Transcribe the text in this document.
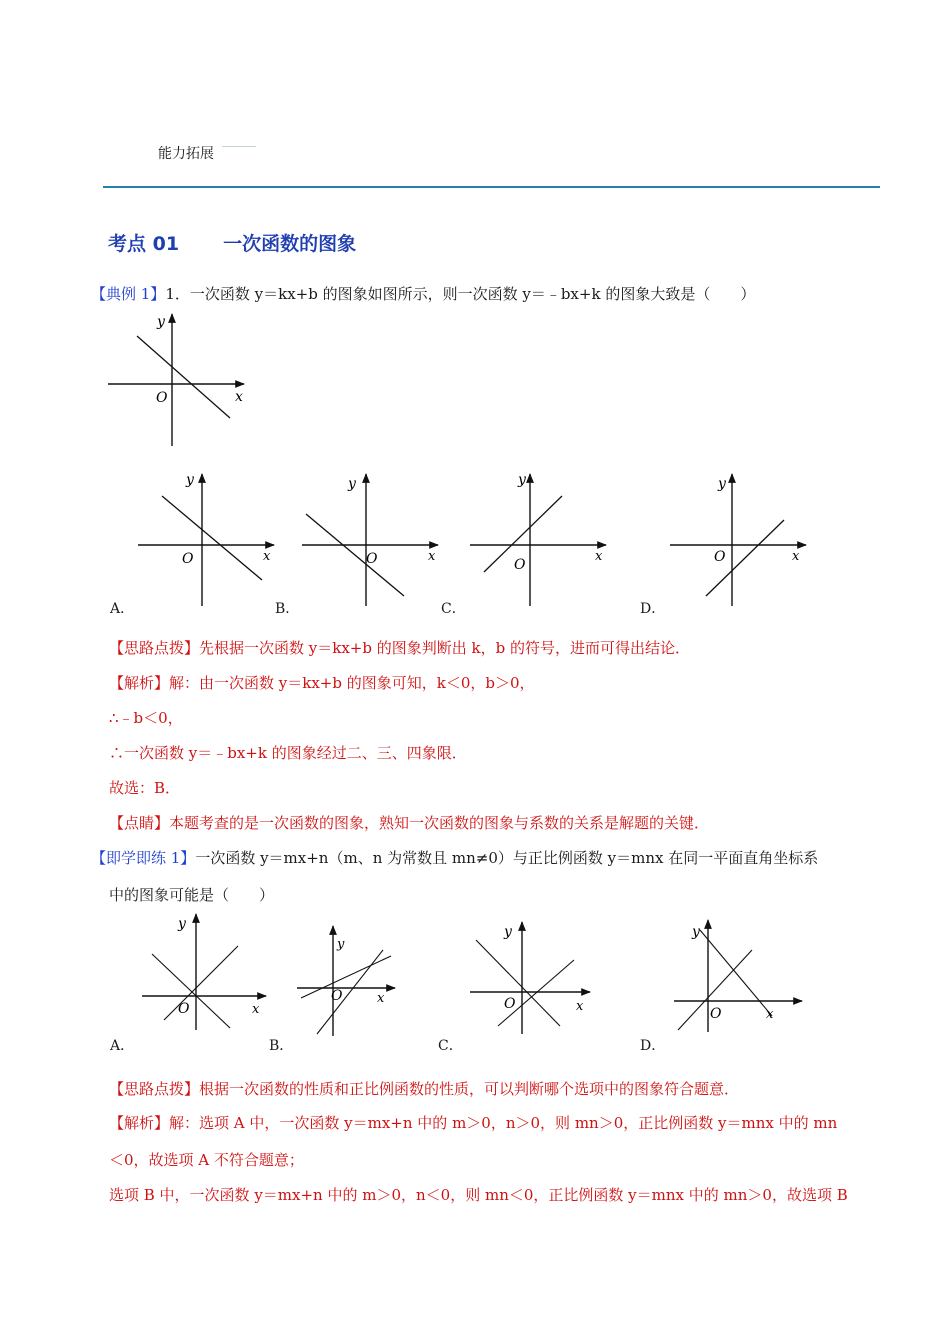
能力拓展
考点 01 一次函数的图象
【典例 1】1．一次函数 y＝kx+b 的图象如图所示，则一次函数 y＝﹣bx+k 的图象大致是（　　）
y
x
O
y
x
O
y
x
O
y
x
O
y
x
O
A．	B．	C．	D．
【思路点拨】先根据一次函数 y＝kx+b 的图象判断出 k，b 的符号，进而可得出结论．
【解析】解：由一次函数 y＝kx+b 的图象可知，k＜0，b＞0，
∴﹣b＜0，
∴一次函数 y＝﹣bx+k 的图象经过二、三、四象限．
故选：B．
【点睛】本题考查的是一次函数的图象，熟知一次函数的图象与系数的关系是解题的关键．
【即学即练 1】一次函数 y＝mx+n（m、n 为常数且 mn≠0）与正比例函数 y＝mnx 在同一平面直角坐标系
中的图象可能是（　　）
y
x
O
y
x
O
y
x
O
y
x
O
A．	B．	C．	D．
【思路点拨】根据一次函数的性质和正比例函数的性质，可以判断哪个选项中的图象符合题意．
【解析】解：选项 A 中，一次函数 y＝mx+n 中的 m＞0，n＞0，则 mn＞0，正比例函数 y＝mnx 中的 mn
＜0，故选项 A 不符合题意；
选项 B 中，一次函数 y＝mx+n 中的 m＞0，n＜0，则 mn＜0，正比例函数 y＝mnx 中的 mn＞0，故选项 B
